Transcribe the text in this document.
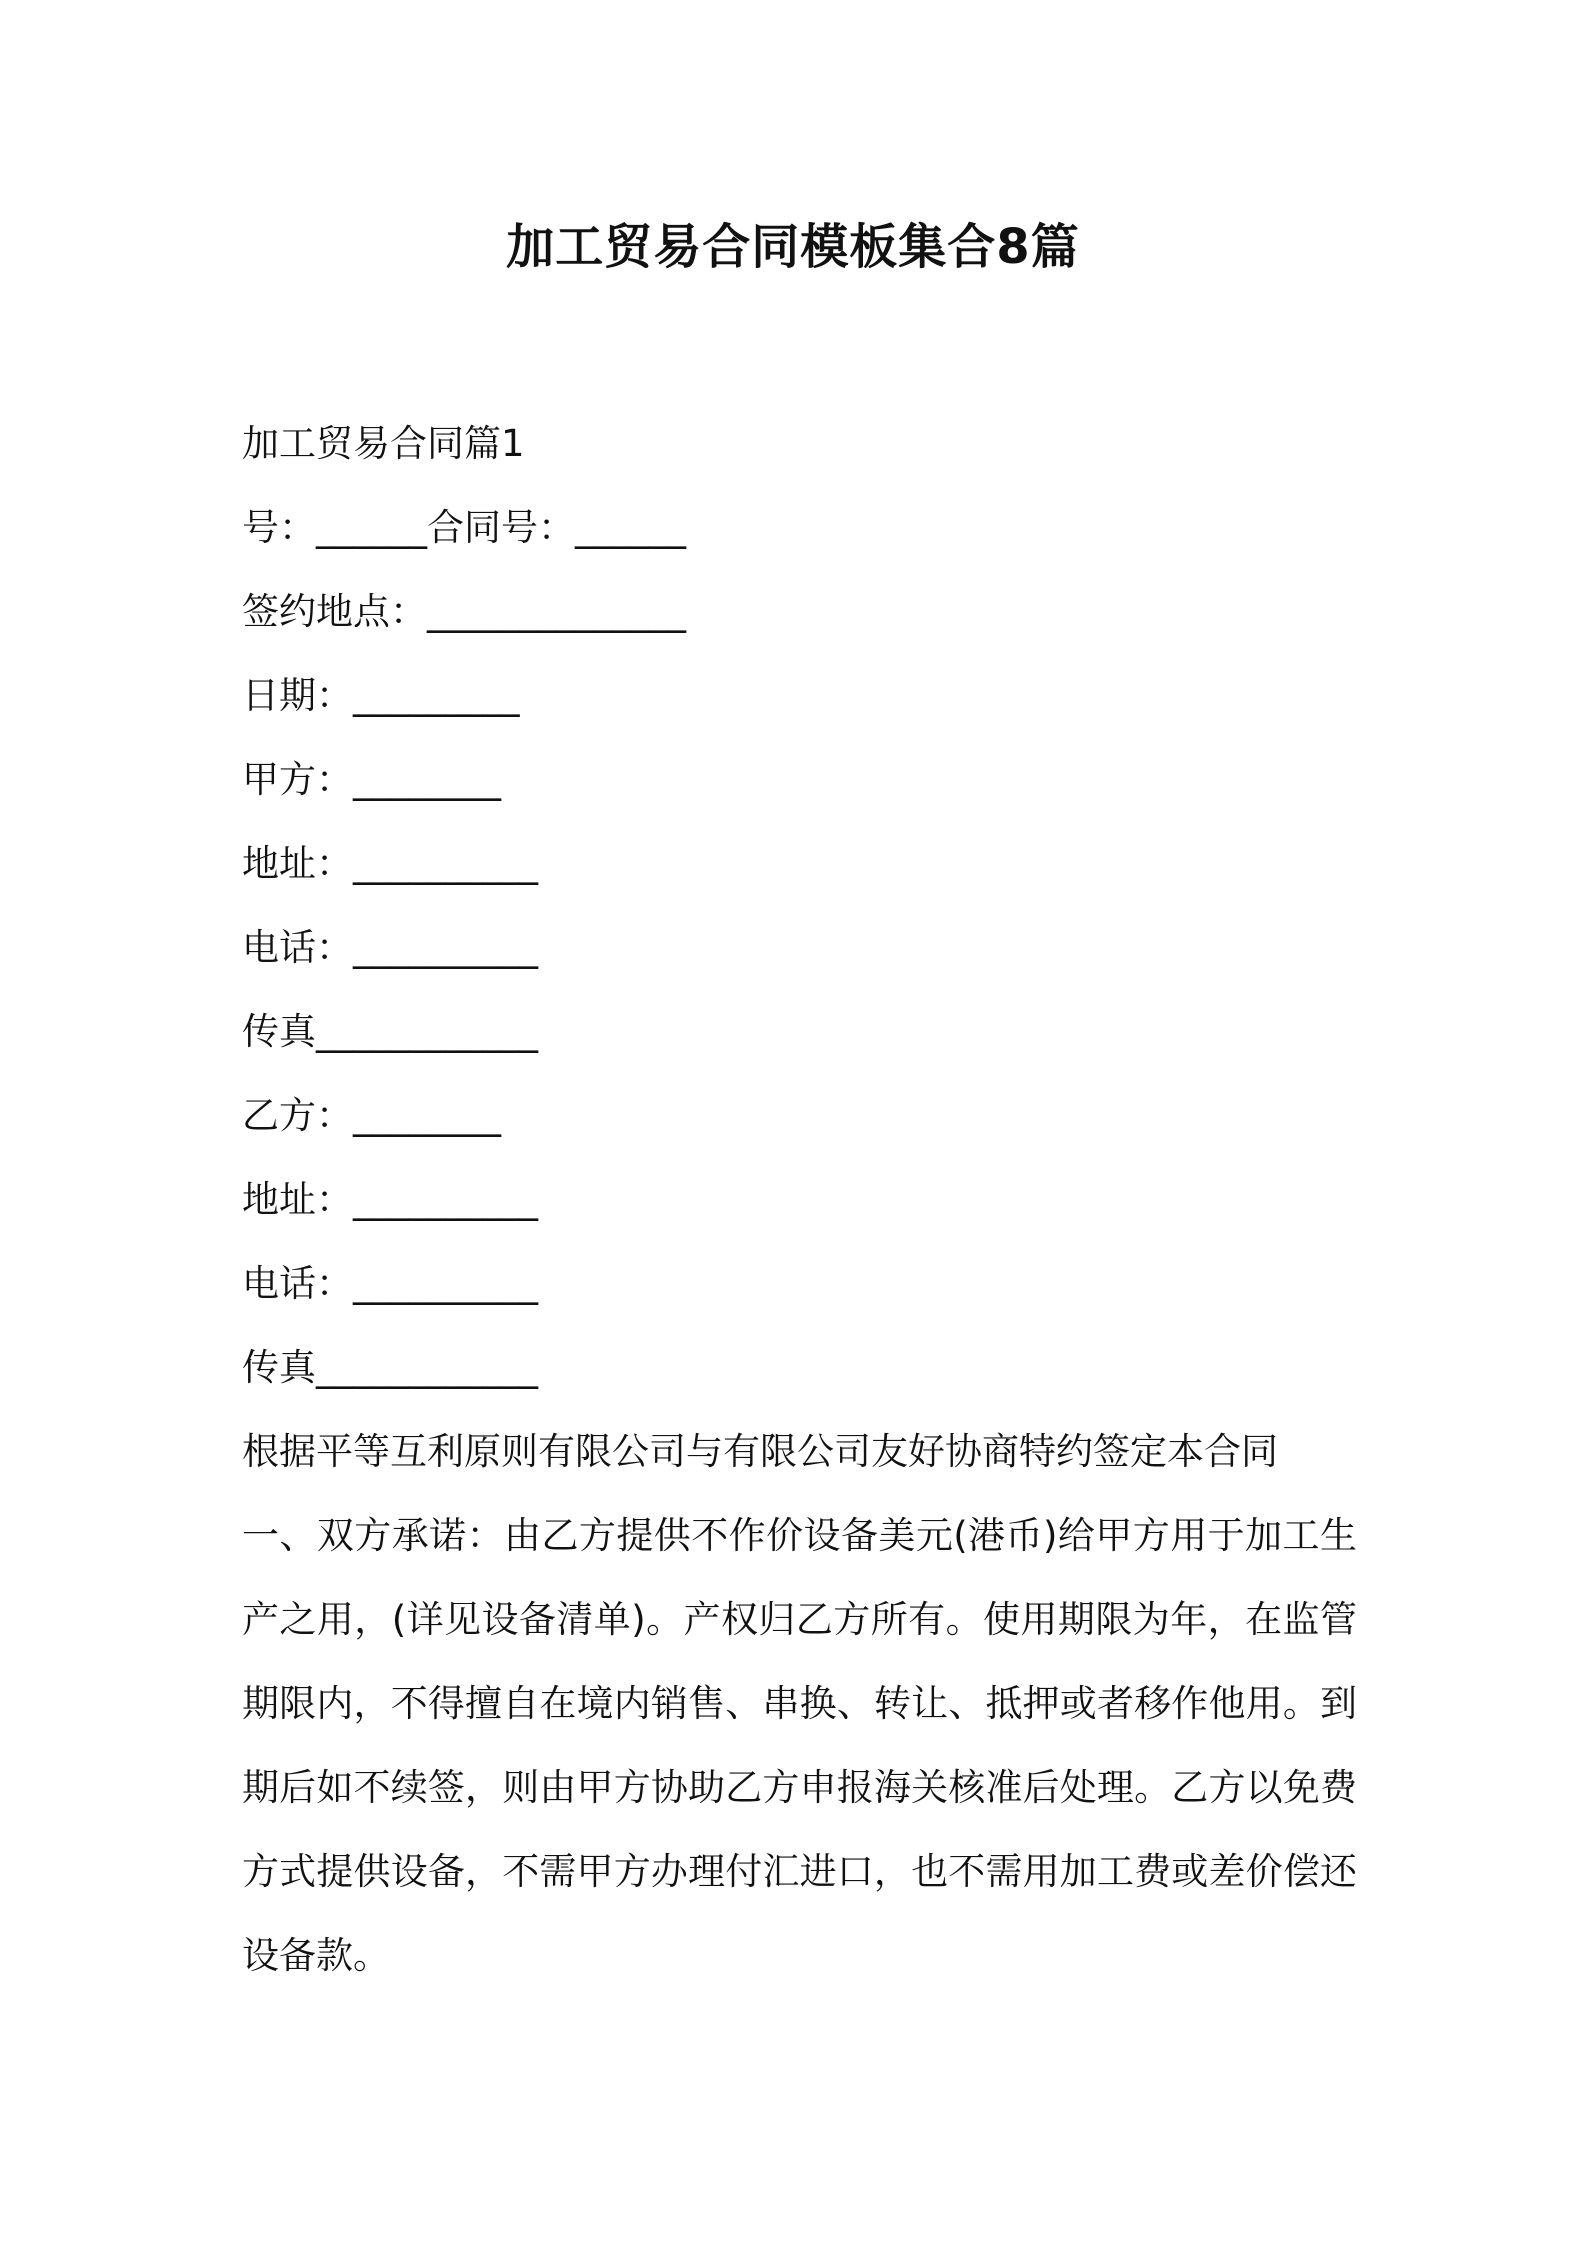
加工贸易合同模板集合8篇
加工贸易合同篇1
号：______合同号：______
签约地点：______________
日期：_________
甲方：________
地址：__________
电话：__________
传真____________
乙方：________
地址：__________
电话：__________
传真____________
根据平等互利原则有限公司与有限公司友好协商特约签定本合同

一、双方承诺：由乙方提供不作价设备美元(港币)给甲方用于加工生产之用，(详见设备清单)。产权归乙方所有。使用期限为年，在监管期限内，不得擅自在境内销售、串换、转让、抵押或者移作他用。到期后如不续签，则由甲方协助乙方申报海关核准后处理。乙方以免费方式提供设备，不需甲方办理付汇进口，也不需用加工费或差价偿还设备款。
